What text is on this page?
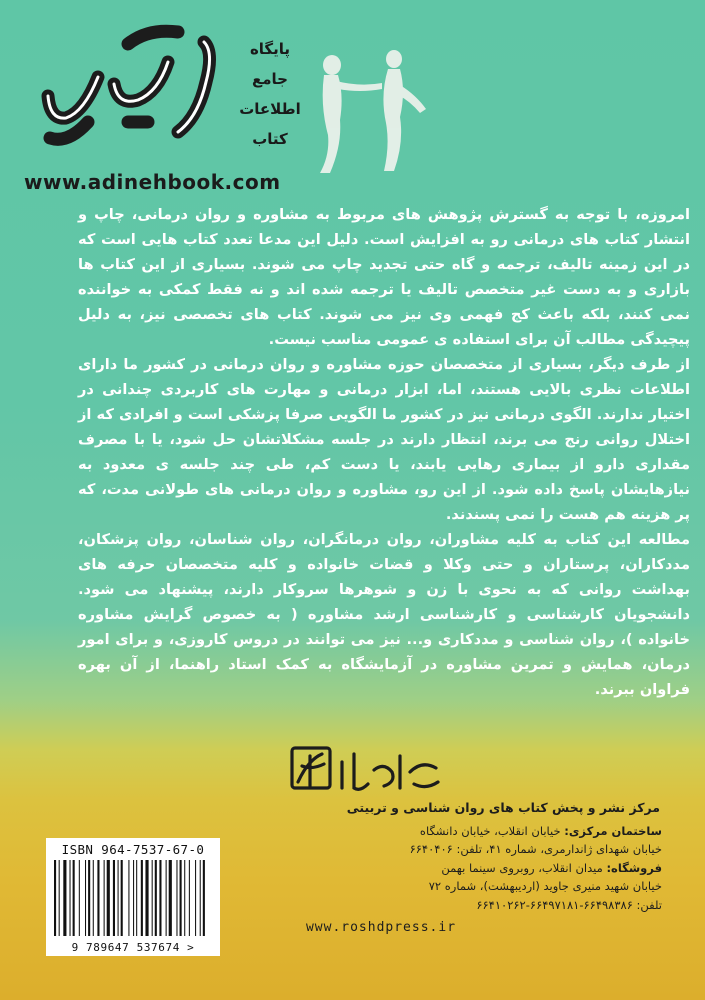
پایگاه
جامع
اطلاعات
کتاب
www.adinehbook.com

امروزه، با توجه به گسترش پژوهش های مربوط به مشاوره و روان درمانی، چاپ و انتشار کتاب های درمانی رو به افزایش است. دلیل این مدعا تعدد کتاب هایی است که در این زمینه تالیف، ترجمه و گاه حتی تجدید چاپ می شوند. بسیاری از این کتاب ها بازاری و به دست غیر متخصص تالیف یا ترجمه شده اند و نه فقط کمکی به خواننده نمی کنند، بلکه باعث کج فهمی وی نیز می شوند. کتاب های تخصصی نیز، به دلیل پیچیدگی مطالب آن برای استفاده ی عمومی مناسب نیست.

از طرف دیگر، بسیاری از متخصصان حوزه مشاوره و روان درمانی در کشور ما دارای اطلاعات نظری بالایی هستند، اما، ابزار درمانی و مهارت های کاربردی چندانی در اختیار ندارند. الگوی درمانی نیز در کشور ما الگویی صرفا پزشکی است و افرادی که از اختلال روانی رنج می برند، انتظار دارند در جلسه مشکلاتشان حل شود، یا با مصرف مقداری دارو از بیماری رهایی یابند، یا دست کم، طی چند جلسه ی معدود به نیازهایشان پاسخ داده شود. از این رو، مشاوره و روان درمانی های طولانی مدت، که پر هزینه هم هست را نمی پسندند.

مطالعه این کتاب به کلیه مشاوران، روان درمانگران، روان شناسان، روان پزشکان، مددکاران، پرستاران و حتی وکلا و قضات خانواده و کلیه متخصصان حرفه های بهداشت روانی که به نحوی با زن و شوهرها سروکار دارند، پیشنهاد می شود. دانشجویان کارشناسی و کارشناسی ارشد مشاوره ( به خصوص گرایش مشاوره خانواده )، روان شناسی و مددکاری و... نیز می توانند در دروس کاروزی، و برای امور درمان، همایش و تمرین مشاوره در آزمایشگاه به کمک استاد راهنما، از آن بهره فراوان ببرند.

مرکز نشر و پخش کتاب های روان شناسی و تربیتی
ساختمان مرکزی: خیابان انقلاب، خیابان دانشگاه
خیابان شهدای ژاندارمری، شماره ۴۱، تلفن: ۶۶۴۰۴۰۶
فروشگاه: میدان انقلاب، روبروی سینما بهمن
خیابان شهید منیری جاوید (اردیبهشت)، شماره ۷۲
تلفن: ۶۶۴۹۸۳۸۶-۶۶۴۹۷۱۸۱-۶۶۴۱۰۲۶۲
www.roshdpress.ir
ISBN 964-7537-67-0
9 789647 537674 >
